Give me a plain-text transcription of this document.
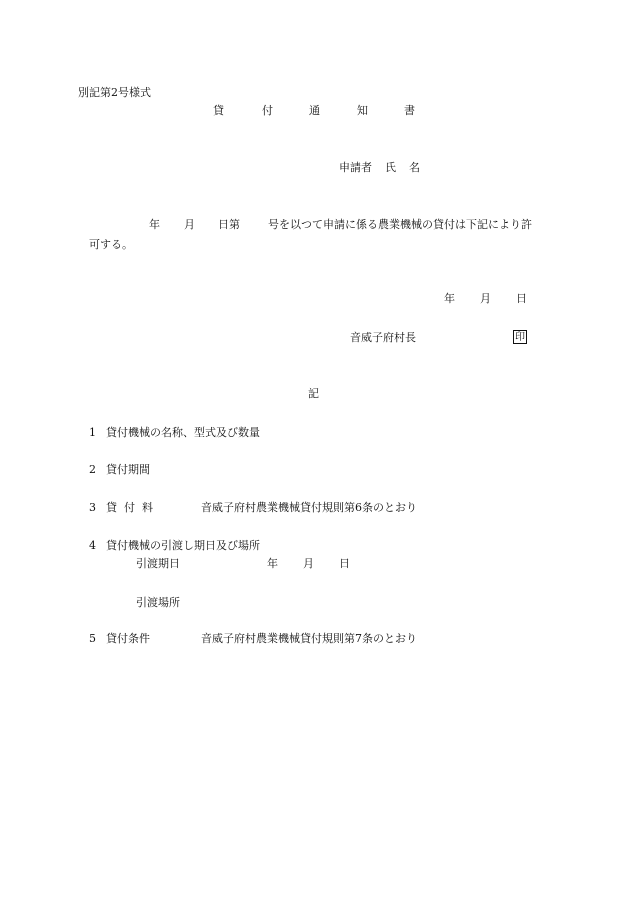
別記第2号様式
貸	付	通	知	書
申請者 氏 名
年 月 日第	号を以つて申請に係る農業機械の貸付は下記により許
可する。
年 月 日
音威子府村長	印
記
1 貸付機械の名称、型式及び数量
2 貸付期間
3 貸  付  料	音威子府村農業機械貸付規則第6条のとおり
4 貸付機械の引渡し期日及び場所
引渡期日	年 月 日
引渡場所
5 貸付条件	音威子府村農業機械貸付規則第7条のとおり
